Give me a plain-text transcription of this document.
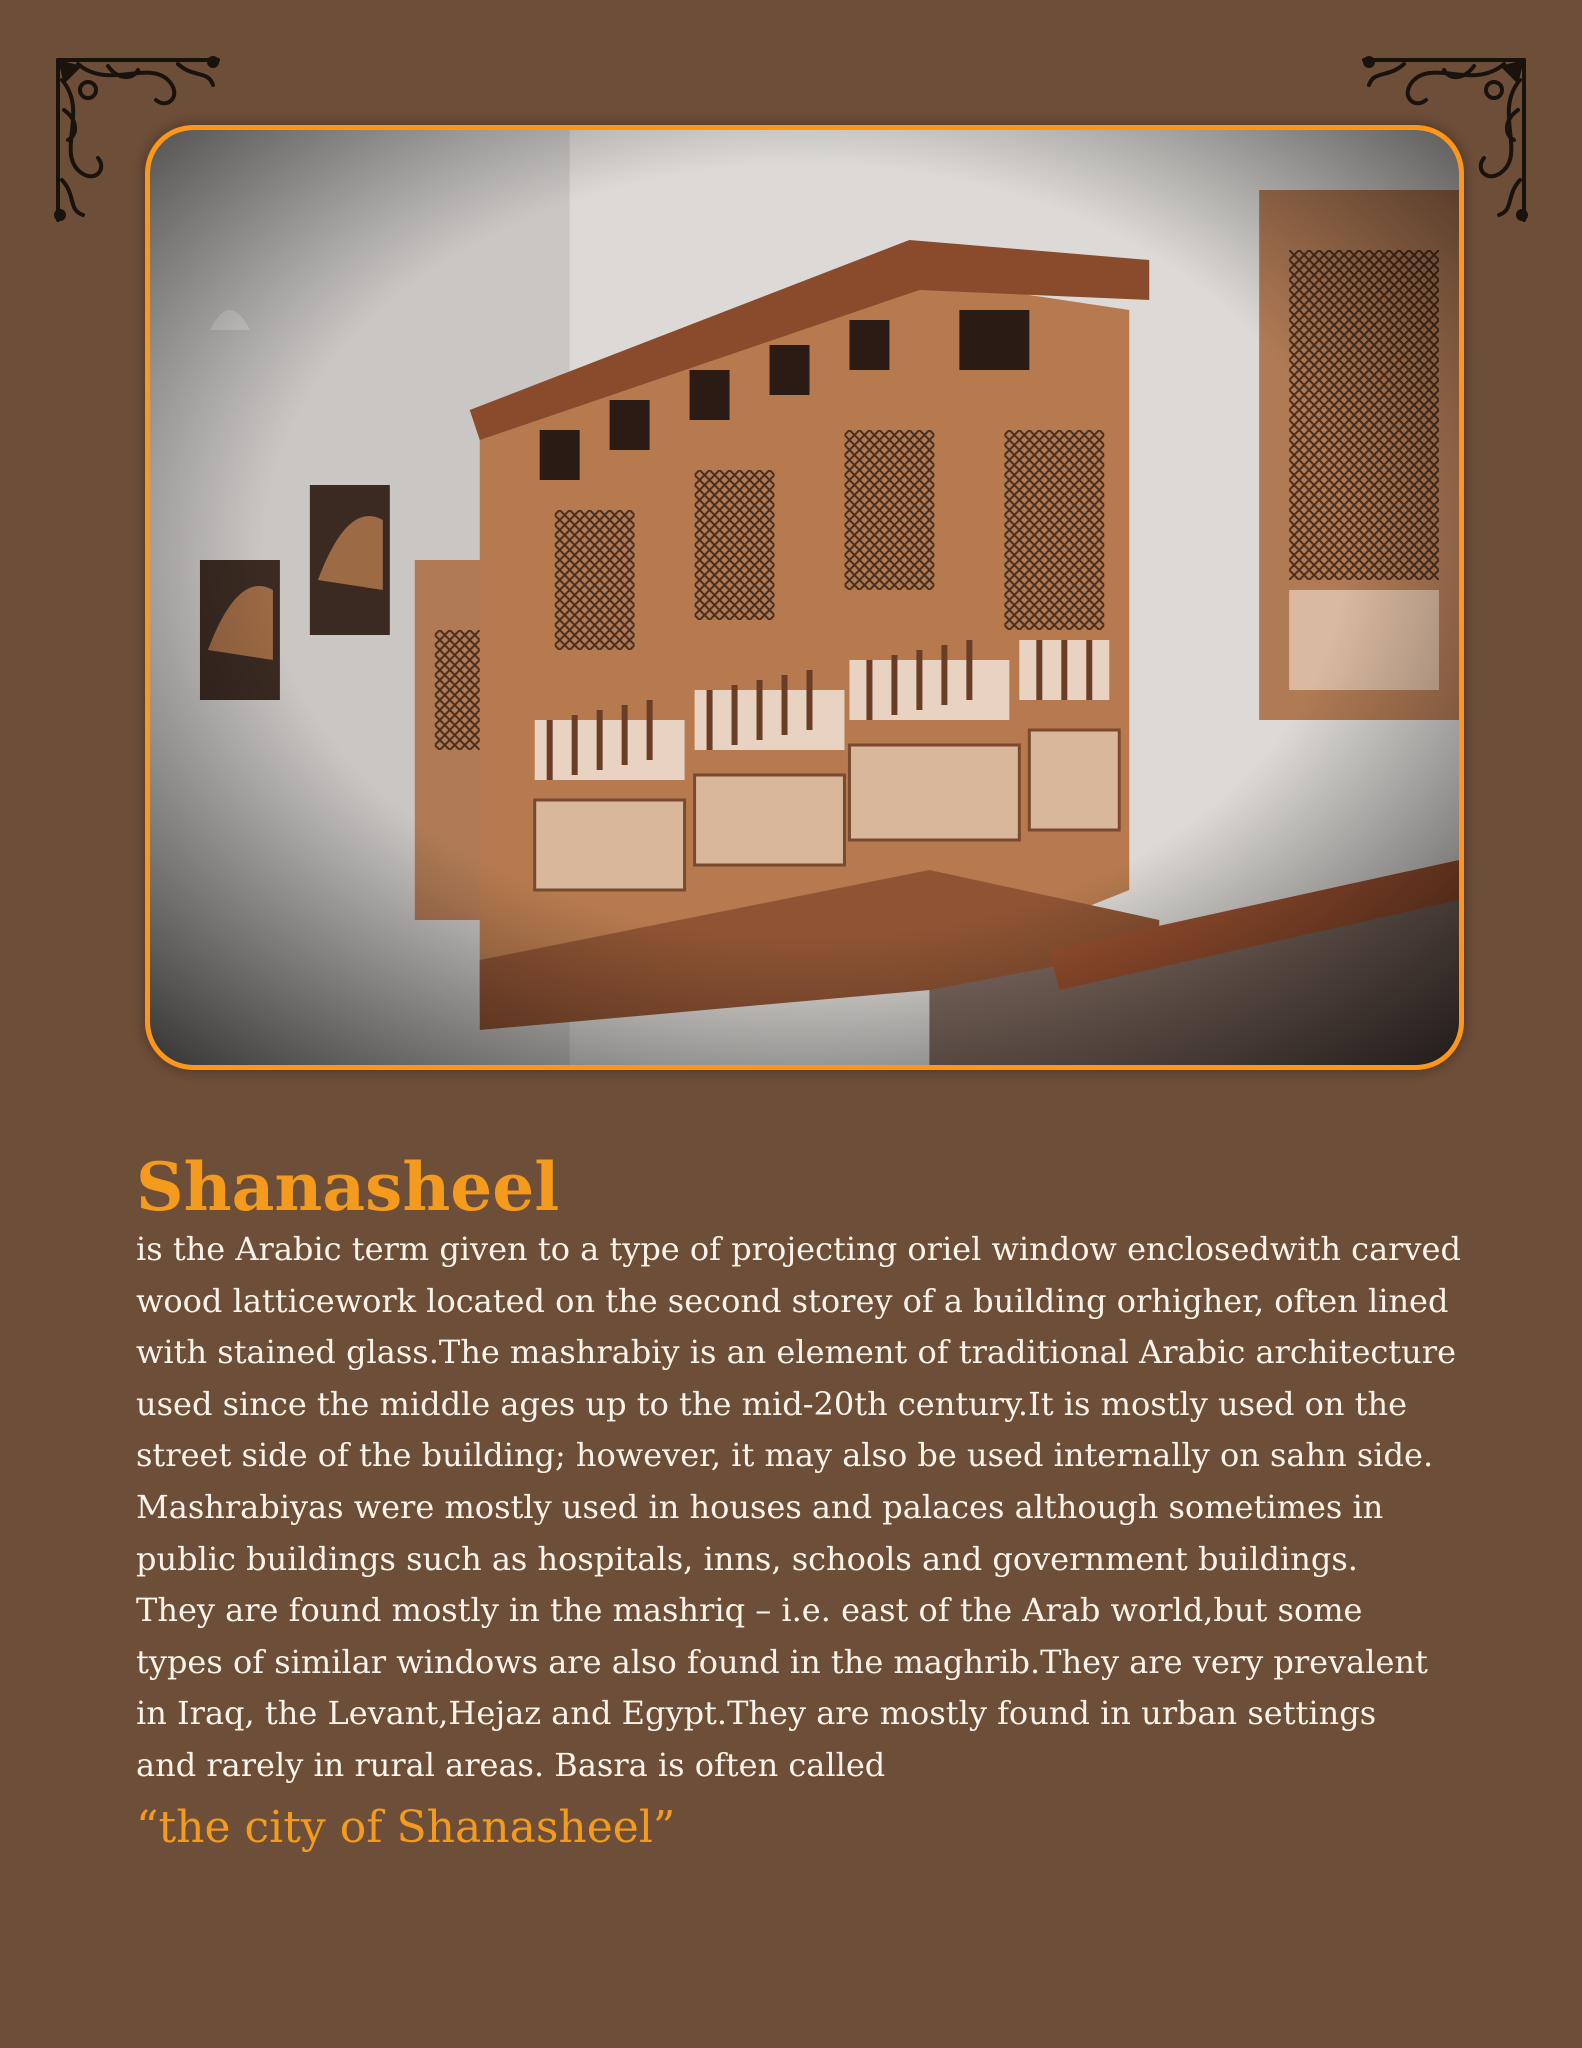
Shanasheel

is the Arabic term given to a type of projecting oriel window enclosedwith carved
wood latticework located on the second storey of a building orhigher, often lined
with stained glass.The mashrabiy is an element of traditional Arabic architecture
used since the middle ages up to the mid-20th century.It is mostly used on the
street side of the building; however, it may also be used internally on sahn side.
Mashrabiyas were mostly used in houses and palaces although sometimes in
public buildings such as hospitals, inns, schools and government buildings.
They are found mostly in the mashriq – i.e. east of the Arab world,but some
types of similar windows are also found in the maghrib.They are very prevalent
in Iraq, the Levant,Hejaz and Egypt.They are mostly found in urban settings
and rarely in rural areas. Basra is often called

“the city of Shanasheel”
